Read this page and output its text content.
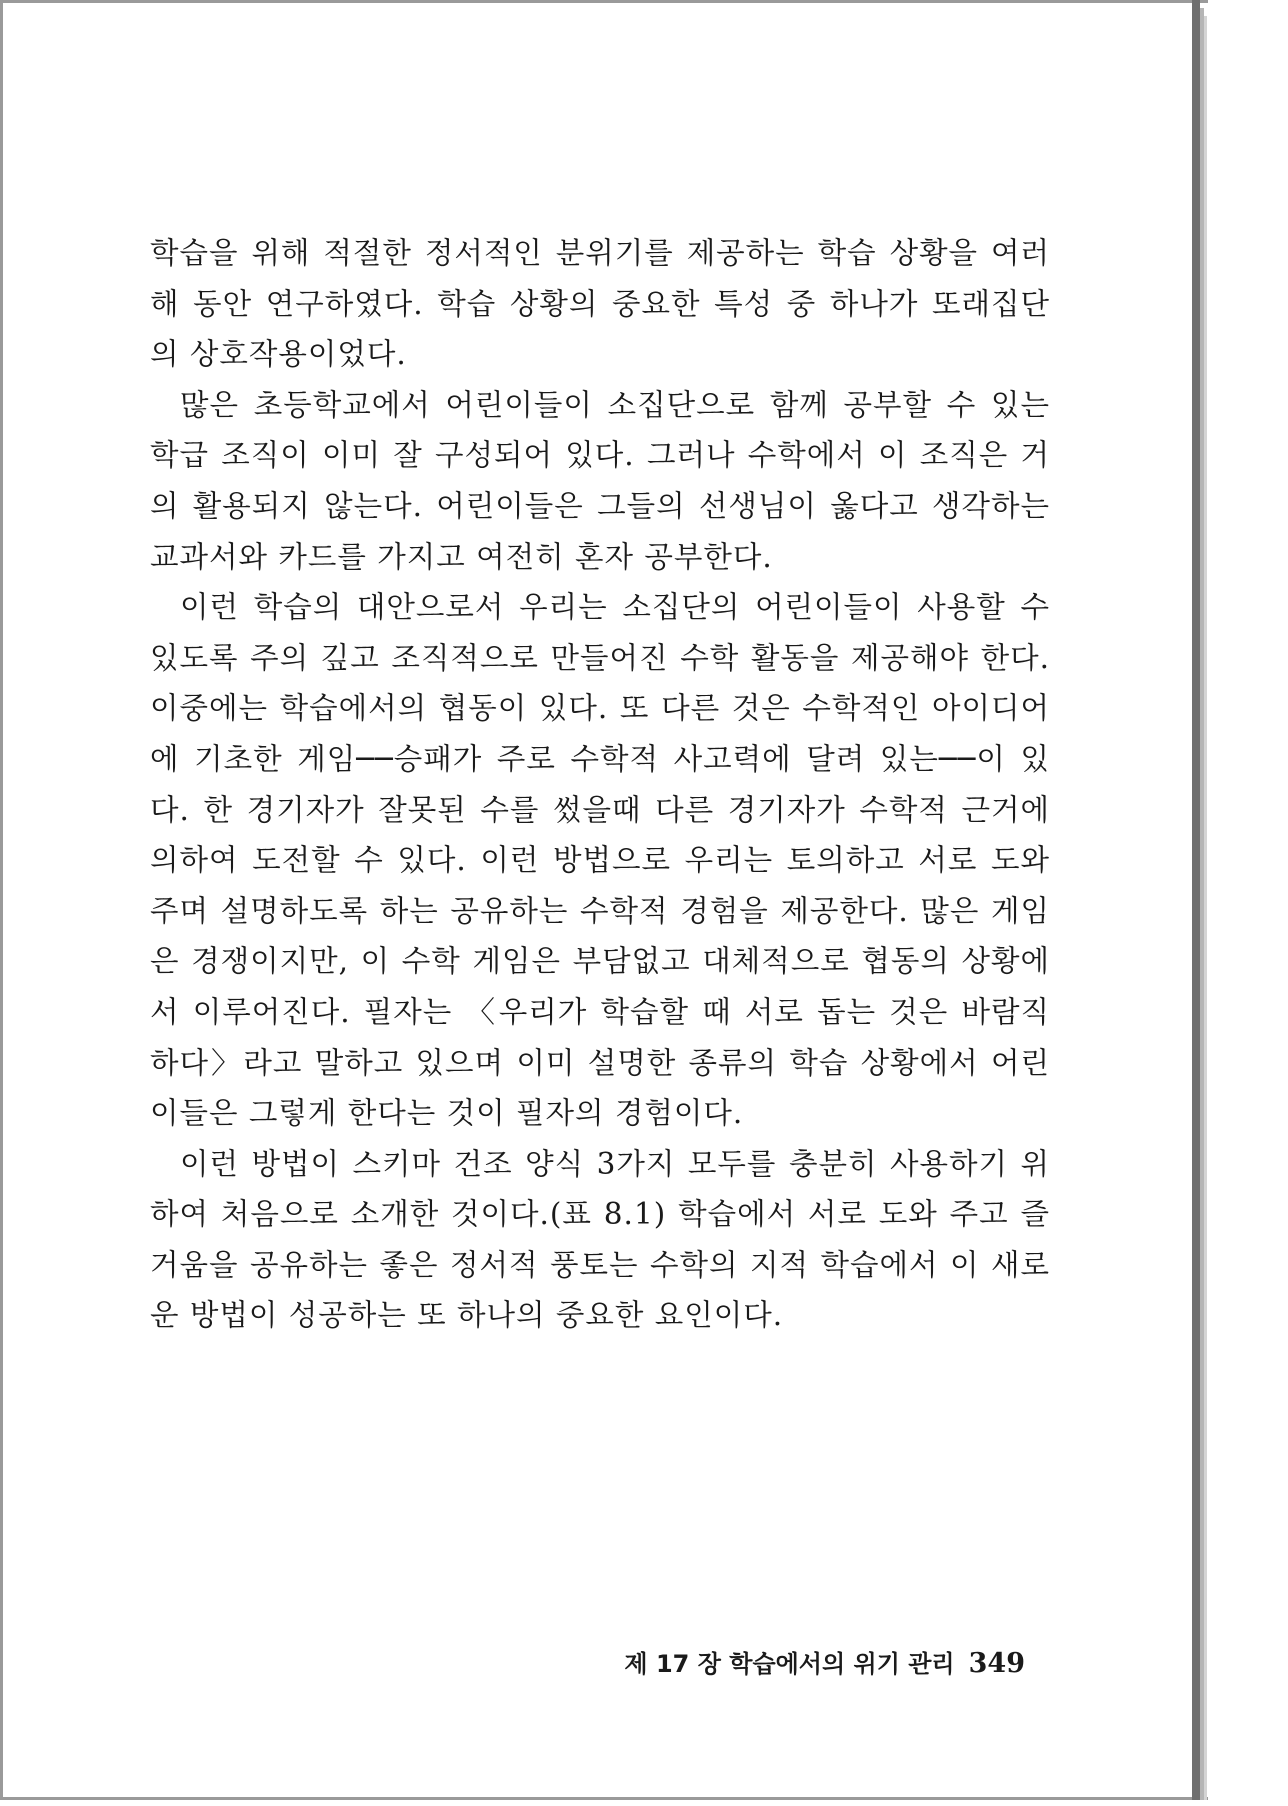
학습을 위해 적절한 정서적인 분위기를 제공하는 학습 상황을 여러 해 동안 연구하였다. 학습 상황의 중요한 특성 중 하나가 또래집단의 상호작용이었다.

많은 초등학교에서 어린이들이 소집단으로 함께 공부할 수 있는 학급 조직이 이미 잘 구성되어 있다. 그러나 수학에서 이 조직은 거의 활용되지 않는다. 어린이들은 그들의 선생님이 옳다고 생각하는 교과서와 카드를 가지고 여전히 혼자 공부한다.

이런 학습의 대안으로서 우리는 소집단의 어린이들이 사용할 수 있도록 주의 깊고 조직적으로 만들어진 수학 활동을 제공해야 한다. 이중에는 학습에서의 협동이 있다. 또 다른 것은 수학적인 아이디어에 기초한 게임──승패가 주로 수학적 사고력에 달려 있는──이 있다. 한 경기자가 잘못된 수를 썼을때 다른 경기자가 수학적 근거에 의하여 도전할 수 있다. 이런 방법으로 우리는 토의하고 서로 도와 주며 설명하도록 하는 공유하는 수학적 경험을 제공한다. 많은 게임은 경쟁이지만, 이 수학 게임은 부담없고 대체적으로 협동의 상황에서 이루어진다. 필자는 〈우리가 학습할 때 서로 돕는 것은 바람직하다〉라고 말하고 있으며 이미 설명한 종류의 학습 상황에서 어린이들은 그렇게 한다는 것이 필자의 경험이다.

이런 방법이 스키마 건조 양식 3가지 모두를 충분히 사용하기 위하여 처음으로 소개한 것이다.(표 8.1) 학습에서 서로 도와 주고 즐거움을 공유하는 좋은 정서적 풍토는 수학의 지적 학습에서 이 새로운 방법이 성공하는 또 하나의 중요한 요인이다.

제 17 장 학습에서의 위기 관리 349
